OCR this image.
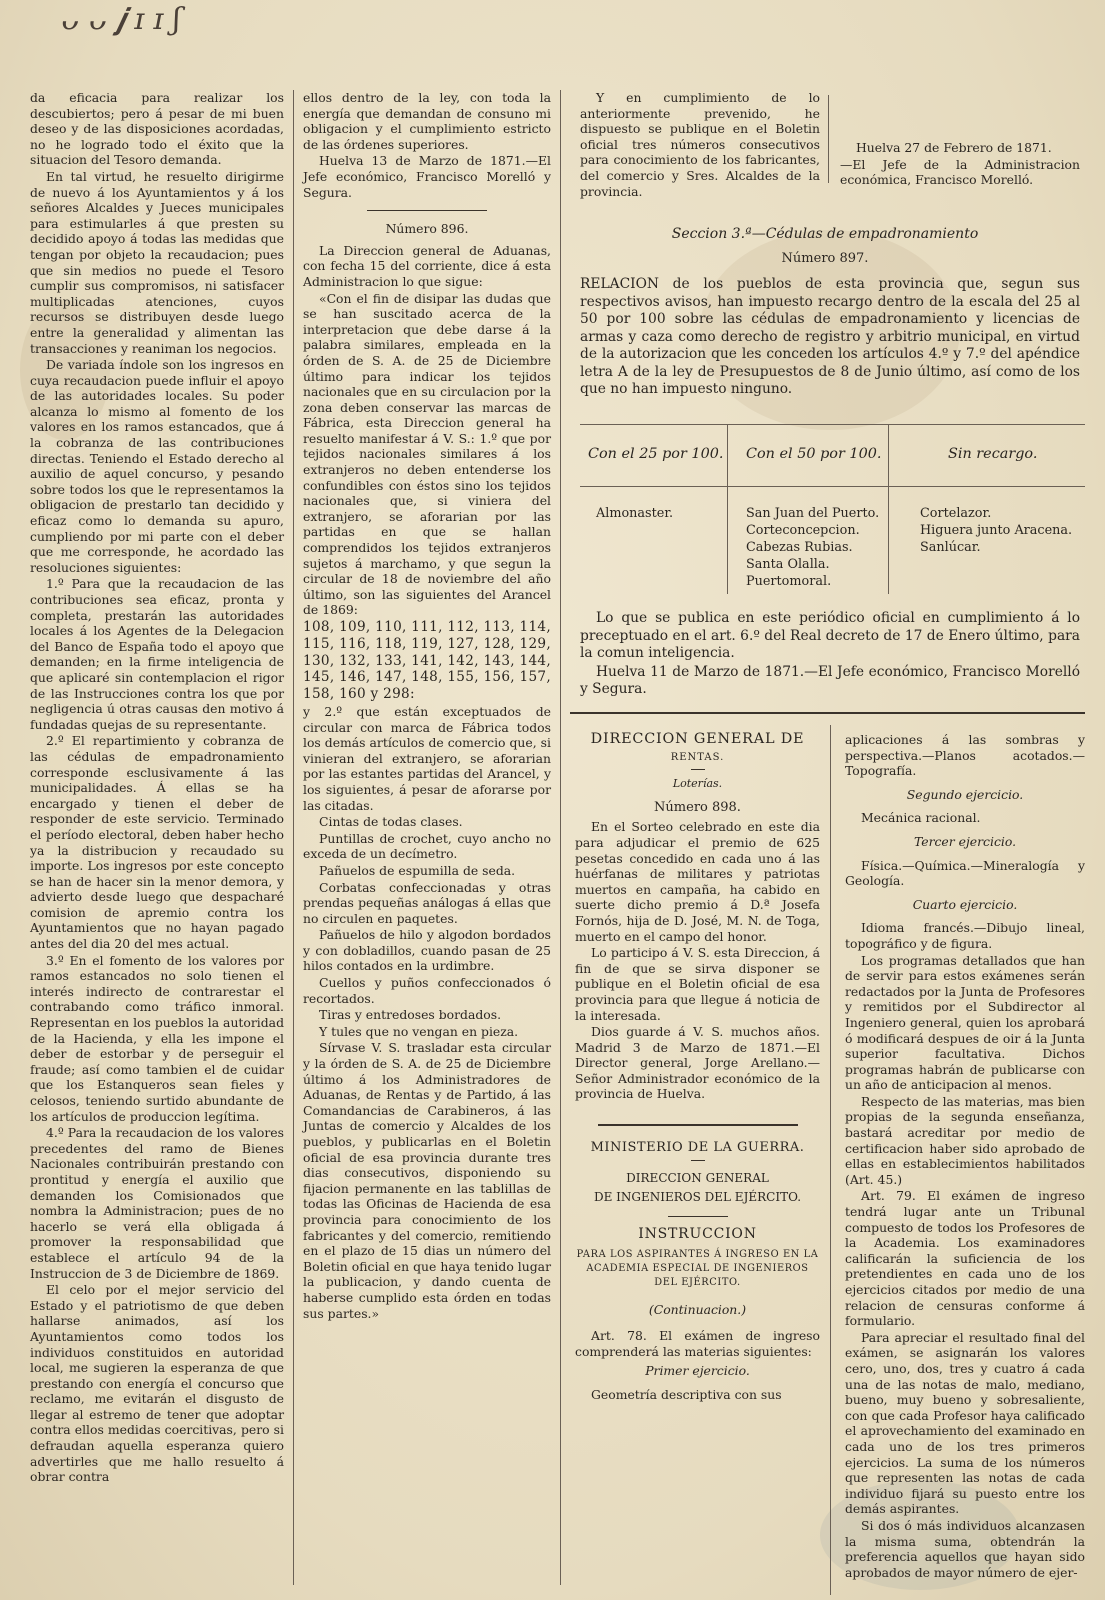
ᴗ ᴗ 𝒋 ɪ ɪ ʃ

da eficacia para realizar los descubiertos; pero á pesar de mi buen deseo y de las disposiciones acordadas, no he logrado todo el éxito que la situacion del Tesoro demanda.

En tal virtud, he resuelto dirigirme de nuevo á los Ayuntamientos y á los señores Alcaldes y Jueces municipales para estimularles á que presten su decidido apoyo á todas las medidas que tengan por objeto la recaudacion; pues que sin medios no puede el Tesoro cumplir sus compromisos, ni satisfacer multiplicadas atenciones, cuyos recursos se distribuyen desde luego entre la generalidad y alimentan las transacciones y reaniman los negocios.

De variada índole son los ingresos en cuya recaudacion puede influir el apoyo de las autoridades locales. Su poder alcanza lo mismo al fomento de los valores en los ramos estancados, que á la cobranza de las contribuciones directas. Teniendo el Estado derecho al auxilio de aquel concurso, y pesando sobre todos los que le representamos la obligacion de prestarlo tan decidido y eficaz como lo demanda su apuro, cumpliendo por mi parte con el deber que me corresponde, he acordado las resoluciones siguientes:

1.º Para que la recaudacion de las contribuciones sea eficaz, pronta y completa, prestarán las autoridades locales á los Agentes de la Delegacion del Banco de España todo el apoyo que demanden; en la firme inteligencia de que aplicaré sin contemplacion el rigor de las Instrucciones contra los que por negligencia ú otras causas den motivo á fundadas quejas de su representante.

2.º El repartimiento y cobranza de las cédulas de empadronamiento corresponde esclusivamente á las municipalidades. Á ellas se ha encargado y tienen el deber de responder de este servicio. Terminado el período electoral, deben haber hecho ya la distribucion y recaudado su importe. Los ingresos por este concepto se han de hacer sin la menor demora, y advierto desde luego que despacharé comision de apremio contra los Ayuntamientos que no hayan pagado antes del dia 20 del mes actual.

3.º En el fomento de los valores por ramos estancados no solo tienen el interés indirecto de contrarestar el contrabando como tráfico inmoral. Representan en los pueblos la autoridad de la Hacienda, y ella les impone el deber de estorbar y de perseguir el fraude; así como tambien el de cuidar que los Estanqueros sean fieles y celosos, teniendo surtido abundante de los artículos de produccion legítima.

4.º Para la recaudacion de los valores precedentes del ramo de Bienes Nacionales contribuirán prestando con prontitud y energía el auxilio que demanden los Comisionados que nombra la Administracion; pues de no hacerlo se verá ella obligada á promover la responsabilidad que establece el artículo 94 de la Instruccion de 3 de Diciembre de 1869.

El celo por el mejor servicio del Estado y el patriotismo de que deben hallarse animados, así los Ayuntamientos como todos los individuos constituidos en autoridad local, me sugieren la esperanza de que prestando con energía el concurso que reclamo, me evitarán el disgusto de llegar al estremo de tener que adoptar contra ellos medidas coercitivas, pero si defraudan aquella esperanza quiero advertirles que me hallo resuelto á obrar contra

ellos dentro de la ley, con toda la energía que demandan de consuno mi obligacion y el cumplimiento estricto de las órdenes superiores.

Huelva 13 de Marzo de 1871.—El Jefe económico, Francisco Morelló y Segura.

Número 896.

La Direccion general de Aduanas, con fecha 15 del corriente, dice á esta Administracion lo que sigue:

«Con el fin de disipar las dudas que se han suscitado acerca de la interpretacion que debe darse á la palabra similares, empleada en la órden de S. A. de 25 de Diciembre último para indicar los tejidos nacionales que en su circulacion por la zona deben conservar las marcas de Fábrica, esta Direccion general ha resuelto manifestar á V. S.: 1.º que por tejidos nacionales similares á los extranjeros no deben entenderse los confundibles con éstos sino los tejidos nacionales que, si viniera del extranjero, se aforarian por las partidas en que se hallan comprendidos los tejidos extranjeros sujetos á marchamo, y que segun la circular de 18 de noviembre del año último, son las siguientes del Arancel de 1869:

108, 109, 110, 111, 112, 113, 114, 115, 116, 118, 119, 127, 128, 129, 130, 132, 133, 141, 142, 143, 144, 145, 146, 147, 148, 155, 156, 157, 158, 160 y 298:

y 2.º que están exceptuados de circular con marca de Fábrica todos los demás artículos de comercio que, si vinieran del extranjero, se aforarian por las estantes partidas del Arancel, y los siguientes, á pesar de aforarse por las citadas.

Cintas de todas clases.

Puntillas de crochet, cuyo ancho no exceda de un decímetro.

Pañuelos de espumilla de seda.

Corbatas confeccionadas y otras prendas pequeñas análogas á ellas que no circulen en paquetes.

Pañuelos de hilo y algodon bordados y con dobladillos, cuando pasan de 25 hilos contados en la urdimbre.

Cuellos y puños confeccionados ó recortados.

Tiras y entredoses bordados.

Y tules que no vengan en pieza.

Sírvase V. S. trasladar esta circular y la órden de S. A. de 25 de Diciembre último á los Administradores de Aduanas, de Rentas y de Partido, á las Comandancias de Carabineros, á las Juntas de comercio y Alcaldes de los pueblos, y publicarlas en el Boletin oficial de esa provincia durante tres dias consecutivos, disponiendo su fijacion permanente en las tablillas de todas las Oficinas de Hacienda de esa provincia para conocimiento de los fabricantes y del comercio, remitiendo en el plazo de 15 dias un número del Boletin oficial en que haya tenido lugar la publicacion, y dando cuenta de haberse cumplido esta órden en todas sus partes.»

Y en cumplimiento de lo anteriormente prevenido, he dispuesto se publique en el Boletin oficial tres números consecutivos para conocimiento de los fabricantes, del comercio y Sres. Alcaldes de la provincia.

Huelva 27 de Febrero de 1871.

—El Jefe de la Administracion económica, Francisco Morelló.

Seccion 3.ª—Cédulas de empadronamiento
Número 897.

RELACION de los pueblos de esta provincia que, segun sus respectivos avisos, han impuesto recargo dentro de la escala del 25 al 50 por 100 sobre las cédulas de empadronamiento y licencias de armas y caza como derecho de registro y arbitrio municipal, en virtud de la autorizacion que les conceden los artículos 4.º y 7.º del apéndice letra A de la ley de Presupuestos de 8 de Junio último, así como de los que no han impuesto ninguno.

Con el 25 por 100. Con el 50 por 100.	Sin recargo.
Almonaster.	San Juan del Puerto.
Corteconcepcion.
Cabezas Rubias.
Santa Olalla.
Puertomoral.
Cortelazor.
Higuera junto Aracena.
Sanlúcar.

Lo que se publica en este periódico oficial en cumplimiento á lo preceptuado en el art. 6.º del Real decreto de 17 de Enero último, para la comun inteligencia.

Huelva 11 de Marzo de 1871.—El Jefe económico, Francisco Morelló y Segura.

DIRECCION GENERAL DE
RENTAS.
Loterías.
Número 898.

En el Sorteo celebrado en este dia para adjudicar el premio de 625 pesetas concedido en cada uno á las huérfanas de militares y patriotas muertos en campaña, ha cabido en suerte dicho premio á D.ª Josefa Fornós, hija de D. José, M. N. de Toga, muerto en el campo del honor.

Lo participo á V. S. esta Direccion, á fin de que se sirva disponer se publique en el Boletin oficial de esa provincia para que llegue á noticia de la interesada.

Dios guarde á V. S. muchos años. Madrid 3 de Marzo de 1871.—El Director general, Jorge Arellano.—Señor Administrador económico de la provincia de Huelva.

MINISTERIO DE LA GUERRA.
DIRECCION GENERAL
DE INGENIEROS DEL EJÉRCITO.
INSTRUCCION
PARA LOS ASPIRANTES Á INGRESO EN LA ACADEMIA ESPECIAL DE INGENIEROS DEL EJÉRCITO.
(Continuacion.)

Art. 78. El exámen de ingreso comprenderá las materias siguientes:

Primer ejercicio.

Geometría descriptiva con sus

aplicaciones á las sombras y perspectiva.—Planos acotados.—Topografía.

Segundo ejercicio.

Mecánica racional.

Tercer ejercicio.

Física.—Química.—Mineralogía y Geología.

Cuarto ejercicio.

Idioma francés.—Dibujo lineal, topográfico y de figura.

Los programas detallados que han de servir para estos exámenes serán redactados por la Junta de Profesores y remitidos por el Subdirector al Ingeniero general, quien los aprobará ó modificará despues de oir á la Junta superior facultativa. Dichos programas habrán de publicarse con un año de anticipacion al menos.

Respecto de las materias, mas bien propias de la segunda enseñanza, bastará acreditar por medio de certificacion haber sido aprobado de ellas en establecimientos habilitados (Art. 45.)

Art. 79. El exámen de ingreso tendrá lugar ante un Tribunal compuesto de todos los Profesores de la Academia. Los examinadores calificarán la suficiencia de los pretendientes en cada uno de los ejercicios citados por medio de una relacion de censuras conforme á formulario.

Para apreciar el resultado final del exámen, se asignarán los valores cero, uno, dos, tres y cuatro á cada una de las notas de malo, mediano, bueno, muy bueno y sobresaliente, con que cada Profesor haya calificado el aprovechamiento del examinado en cada uno de los tres primeros ejercicios. La suma de los números que representen las notas de cada individuo fijará su puesto entre los demás aspirantes.

Si dos ó más individuos alcanzasen la misma suma, obtendrán la preferencia aquellos que hayan sido aprobados de mayor número de ejer-
